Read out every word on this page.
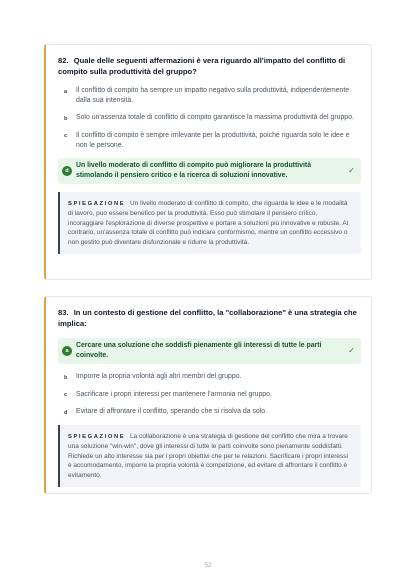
82. Quale delle seguenti affermazioni è vera riguardo all'impatto del conflitto di compito sulla produttività del gruppo?
a	Il conflitto di compito ha sempre un impatto negativo sulla produttività, indipendentemente dalla sua intensità.
b	Solo un'assenza totale di conflitto di compito garantisce la massima produttività del gruppo.
c	Il conflitto di compito è sempre irrilevante per la produttività, poiché riguarda solo le idee e non le persone.
d
Un livello moderato di conflitto di compito può migliorare la produttività stimolando il pensiero critico e la ricerca di soluzioni innovative.
✓
SPIEGAZIONE Un livello moderato di conflitto di compito, che riguarda le idee e le modalità di lavoro, può essere benefico per la produttività. Esso può stimolare il pensiero critico, incoraggiare l'esplorazione di diverse prospettive e portare a soluzioni più innovative e robuste. Al contrario, un'assenza totale di conflitto può indicare conformismo, mentre un conflitto eccessivo o non gestito può diventare disfunzionale e ridurre la produttività.
83. In un contesto di gestione del conflitto, la "collaborazione" è una strategia che implica:
a
Cercare una soluzione che soddisfi pienamente gli interessi di tutte le parti coinvolte.
✓
b	Imporre la propria volontà agli altri membri del gruppo.
c	Sacrificare i propri interessi per mantenere l'armonia nel gruppo.
d	Evitare di affrontare il conflitto, sperando che si risolva da solo.
SPIEGAZIONE La collaborazione è una strategia di gestione del conflitto che mira a trovare una soluzione "win-win", dove gli interessi di tutte le parti coinvolte sono pienamente soddisfatti. Richiede un alto interesse sia per i propri obiettivi che per le relazioni. Sacrificare i propri interessi è accomodamento, imporre la propria volontà è competizione, ed evitare di affrontare il conflitto è evitamento.
52
